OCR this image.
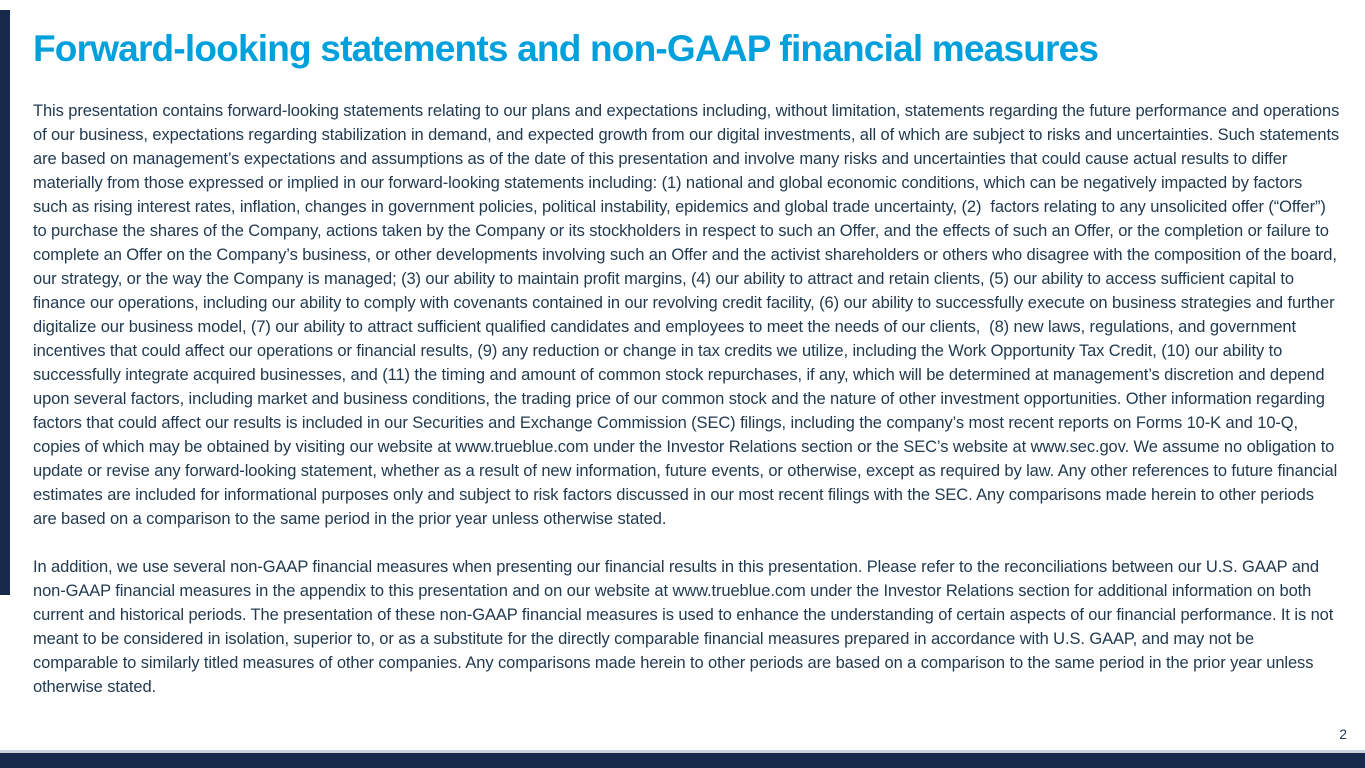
Forward-looking statements and non-GAAP financial measures

This presentation contains forward-looking statements relating to our plans and expectations including, without limitation, statements regarding the future performance and operations of our business, expectations regarding stabilization in demand, and expected growth from our digital investments, all of which are subject to risks and uncertainties. Such statements are based on management’s expectations and assumptions as of the date of this presentation and involve many risks and uncertainties that could cause actual results to differ materially from those expressed or implied in our forward-looking statements including: (1) national and global economic conditions, which can be negatively impacted by factors such as rising interest rates, inflation, changes in government policies, political instability, epidemics and global trade uncertainty, (2)  factors relating to any unsolicited offer (“Offer”) to purchase the shares of the Company, actions taken by the Company or its stockholders in respect to such an Offer, and the effects of such an Offer, or the completion or failure to complete an Offer on the Company’s business, or other developments involving such an Offer and the activist shareholders or others who disagree with the composition of the board, our strategy, or the way the Company is managed; (3) our ability to maintain profit margins, (4) our ability to attract and retain clients, (5) our ability to access sufficient capital to finance our operations, including our ability to comply with covenants contained in our revolving credit facility, (6) our ability to successfully execute on business strategies and further digitalize our business model, (7) our ability to attract sufficient qualified candidates and employees to meet the needs of our clients,  (8) new laws, regulations, and government incentives that could affect our operations or financial results, (9) any reduction or change in tax credits we utilize, including the Work Opportunity Tax Credit, (10) our ability to successfully integrate acquired businesses, and (11) the timing and amount of common stock repurchases, if any, which will be determined at management’s discretion and depend upon several factors, including market and business conditions, the trading price of our common stock and the nature of other investment opportunities. Other information regarding factors that could affect our results is included in our Securities and Exchange Commission (SEC) filings, including the company’s most recent reports on Forms 10-K and 10-Q, copies of which may be obtained by visiting our website at www.trueblue.com under the Investor Relations section or the SEC’s website at www.sec.gov. We assume no obligation to update or revise any forward-looking statement, whether as a result of new information, future events, or otherwise, except as required by law. Any other references to future financial estimates are included for informational purposes only and subject to risk factors discussed in our most recent filings with the SEC. Any comparisons made herein to other periods are based on a comparison to the same period in the prior year unless otherwise stated.

In addition, we use several non-GAAP financial measures when presenting our financial results in this presentation. Please refer to the reconciliations between our U.S. GAAP and non-GAAP financial measures in the appendix to this presentation and on our website at www.trueblue.com under the Investor Relations section for additional information on both current and historical periods. The presentation of these non-GAAP financial measures is used to enhance the understanding of certain aspects of our financial performance. It is not meant to be considered in isolation, superior to, or as a substitute for the directly comparable financial measures prepared in accordance with U.S. GAAP, and may not be comparable to similarly titled measures of other companies. Any comparisons made herein to other periods are based on a comparison to the same period in the prior year unless otherwise stated.

2
